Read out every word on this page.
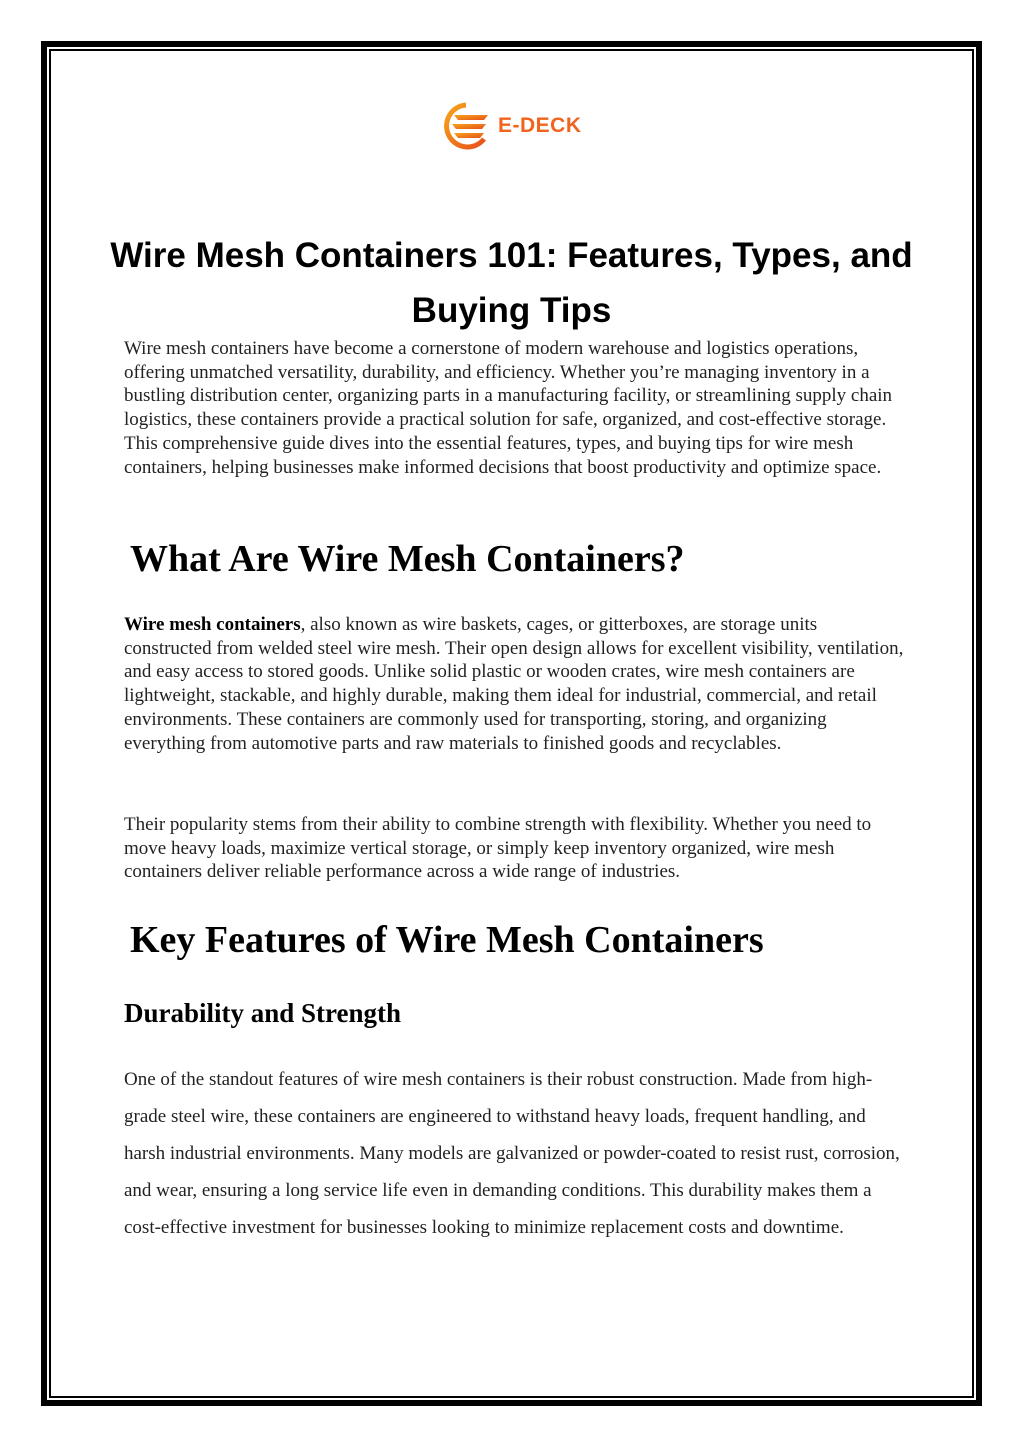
E-DECK
Wire Mesh Containers 101: Features, Types, and Buying Tips

Wire mesh containers have become a cornerstone of modern warehouse and logistics operations, offering unmatched versatility, durability, and efficiency. Whether you’re managing inventory in a bustling distribution center, organizing parts in a manufacturing facility, or streamlining supply chain logistics, these containers provide a practical solution for safe, organized, and cost-effective storage. This comprehensive guide dives into the essential features, types, and buying tips for wire mesh containers, helping businesses make informed decisions that boost productivity and optimize space.

What Are Wire Mesh Containers?

Wire mesh containers, also known as wire baskets, cages, or gitterboxes, are storage units constructed from welded steel wire mesh. Their open design allows for excellent visibility, ventilation, and easy access to stored goods. Unlike solid plastic or wooden crates, wire mesh containers are lightweight, stackable, and highly durable, making them ideal for industrial, commercial, and retail environments. These containers are commonly used for transporting, storing, and organizing everything from automotive parts and raw materials to finished goods and recyclables.

Their popularity stems from their ability to combine strength with flexibility. Whether you need to move heavy loads, maximize vertical storage, or simply keep inventory organized, wire mesh containers deliver reliable performance across a wide range of industries.

Key Features of Wire Mesh Containers
Durability and Strength

One of the standout features of wire mesh containers is their robust construction. Made from high-grade steel wire, these containers are engineered to withstand heavy loads, frequent handling, and harsh industrial environments. Many models are galvanized or powder-coated to resist rust, corrosion, and wear, ensuring a long service life even in demanding conditions. This durability makes them a cost-effective investment for businesses looking to minimize replacement costs and downtime.
